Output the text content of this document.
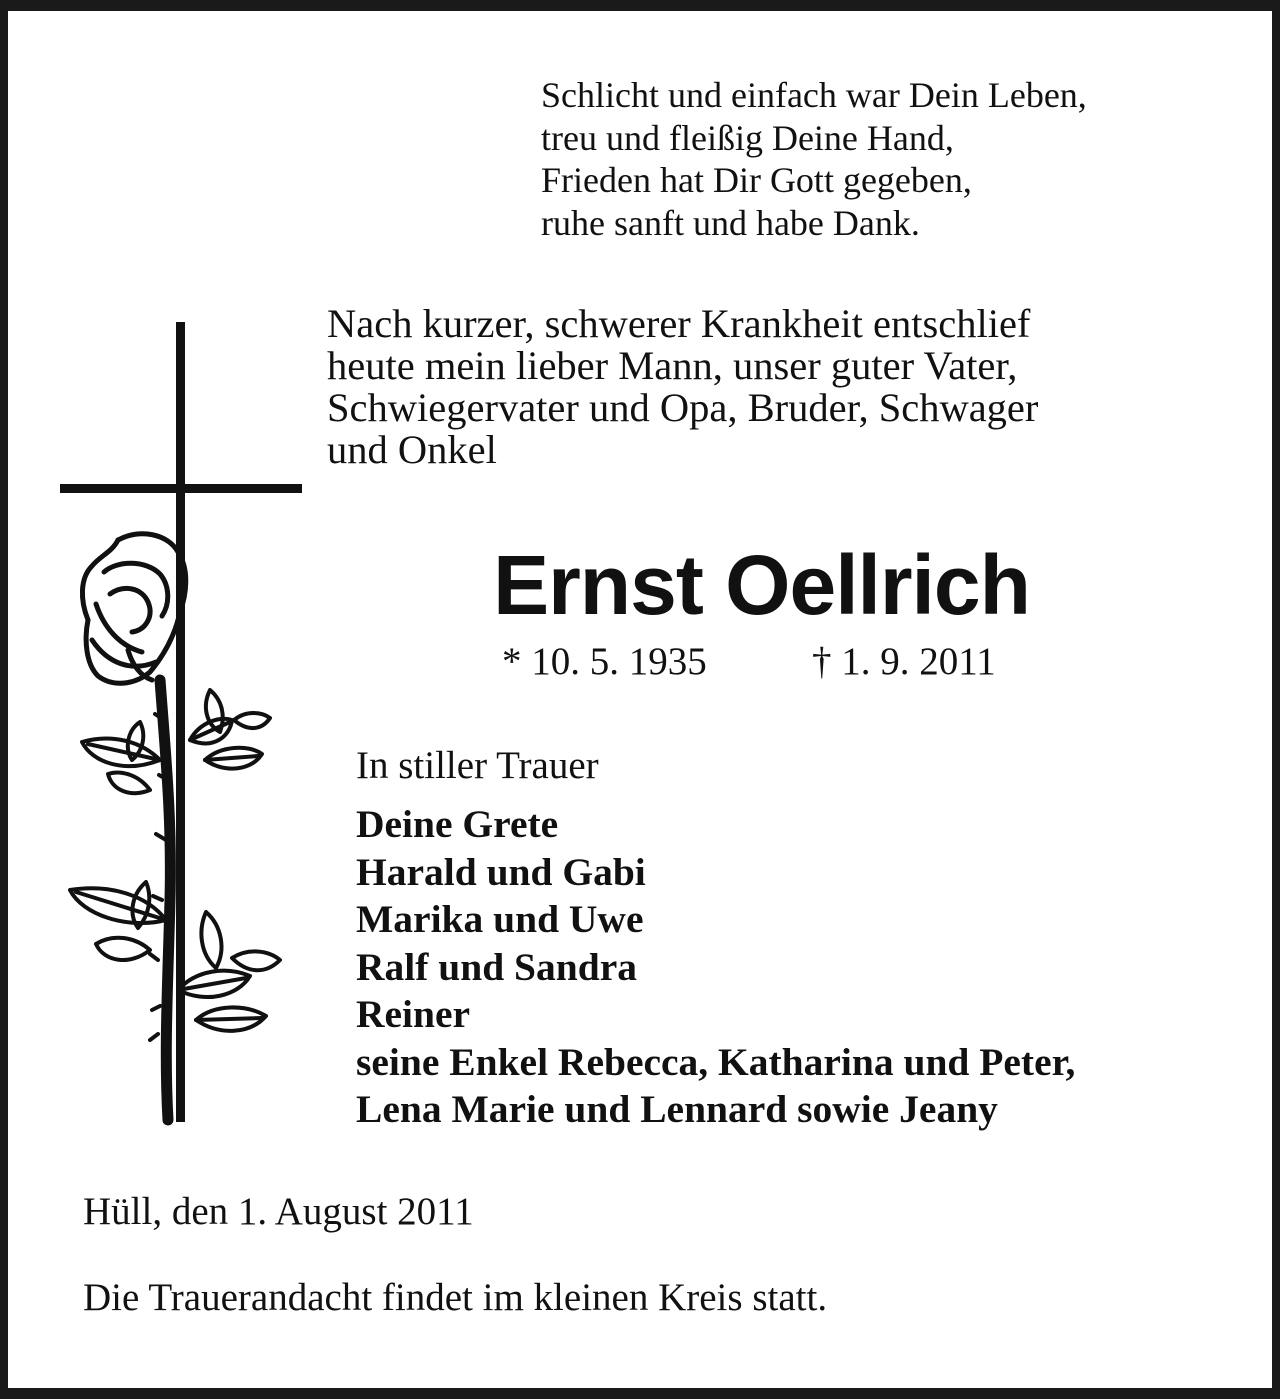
Schlicht und einfach war Dein Leben,
treu und fleißig Deine Hand,
Frieden hat Dir Gott gegeben,
ruhe sanft und habe Dank.
Nach kurzer, schwerer Krankheit entschlief
heute mein lieber Mann, unser guter Vater,
Schwiegervater und Opa, Bruder, Schwager
und Onkel
Ernst Oellrich
* 10. 5. 1935	† 1. 9. 2011
In stiller Trauer
Deine Grete
Harald und Gabi
Marika und Uwe
Ralf und Sandra
Reiner
seine Enkel Rebecca, Katharina und Peter,
Lena Marie und Lennard sowie Jeany
Hüll, den 1. August 2011
Die Trauerandacht findet im kleinen Kreis statt.
